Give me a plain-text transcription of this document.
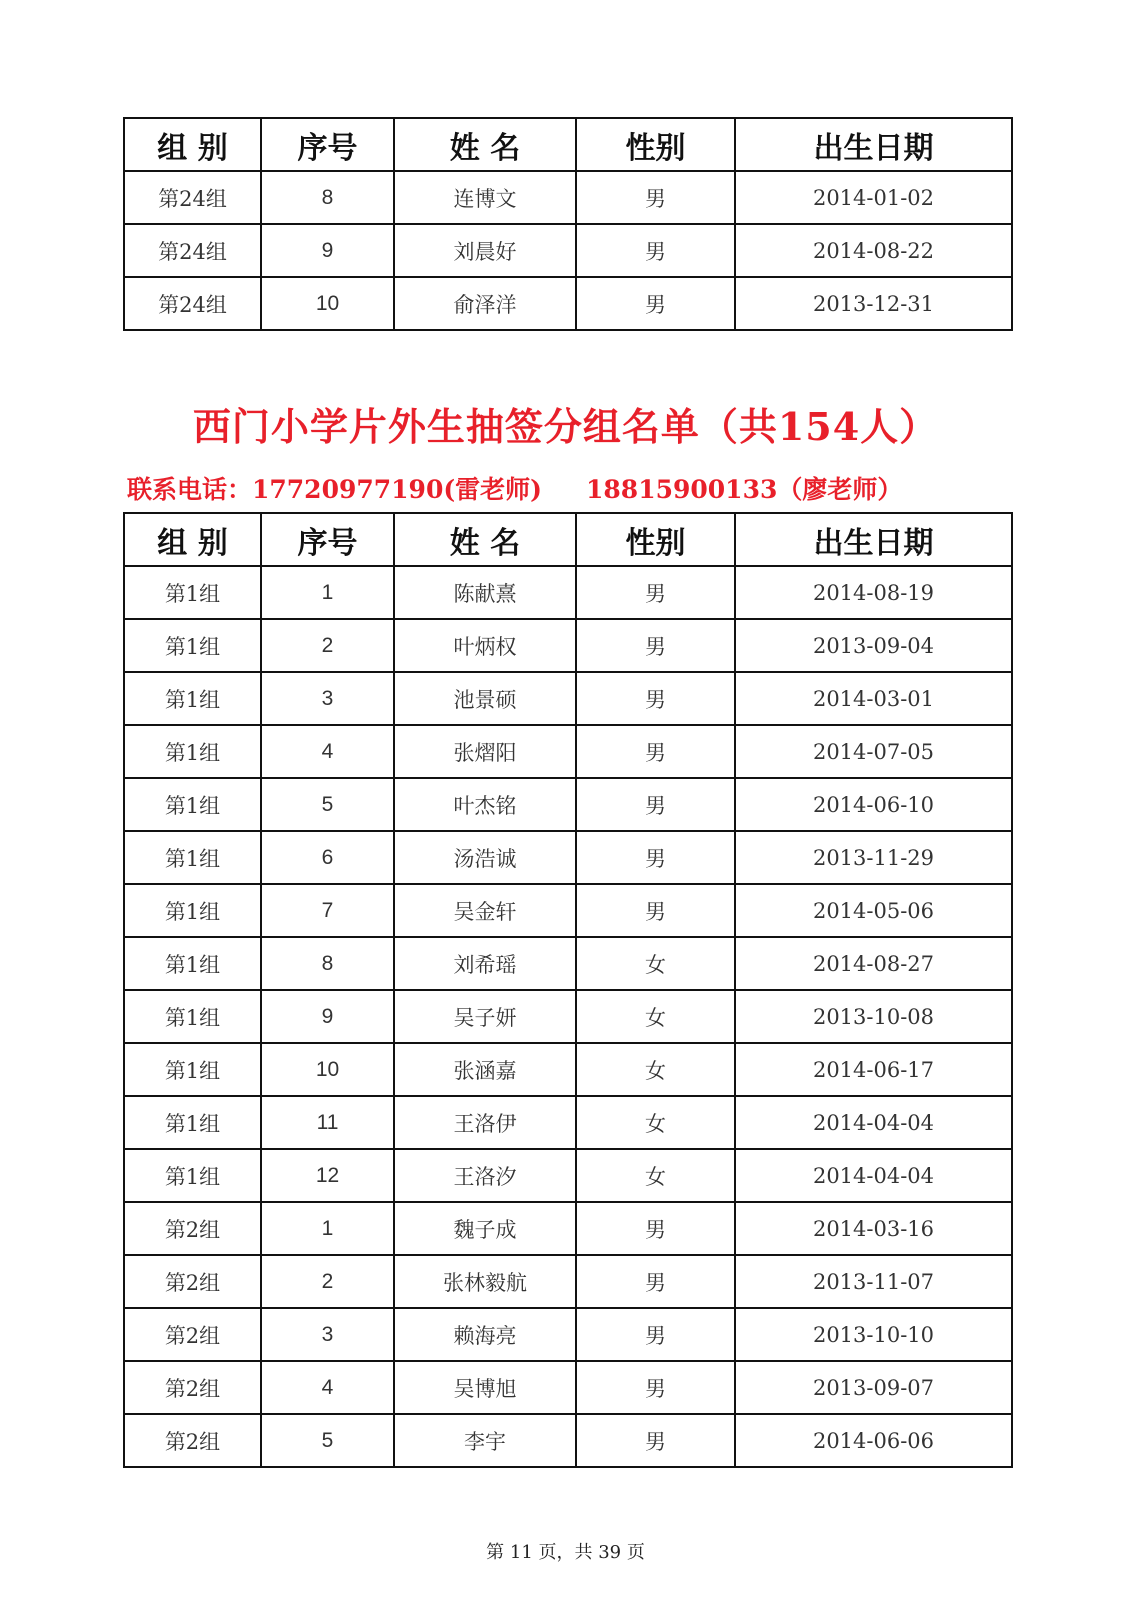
组 别	序号	姓 名	性别	出生日期
第24组	8	连博文	男	2014-01-02
第24组	9	刘晨好	男	2014-08-22
第24组	10	俞泽洋	男	2013-12-31
西门小学片外生抽签分组名单（共154人）
联系电话：17720977190(雷老师) 18815900133（廖老师）
组 别	序号	姓 名	性别	出生日期
第1组	1	陈献熹	男	2014-08-19
第1组	2	叶炳权	男	2013-09-04
第1组	3	池景硕	男	2014-03-01
第1组	4	张熠阳	男	2014-07-05
第1组	5	叶杰铭	男	2014-06-10
第1组	6	汤浩诚	男	2013-11-29
第1组	7	吴金轩	男	2014-05-06
第1组	8	刘希瑶	女	2014-08-27
第1组	9	吴子妍	女	2013-10-08
第1组	10	张涵嘉	女	2014-06-17
第1组	11	王洛伊	女	2014-04-04
第1组	12	王洛汐	女	2014-04-04
第2组	1	魏子成	男	2014-03-16
第2组	2	张林毅航	男	2013-11-07
第2组	3	赖海亮	男	2013-10-10
第2组	4	吴博旭	男	2013-09-07
第2组	5	李宇	男	2014-06-06
第 11 页，共 39 页
